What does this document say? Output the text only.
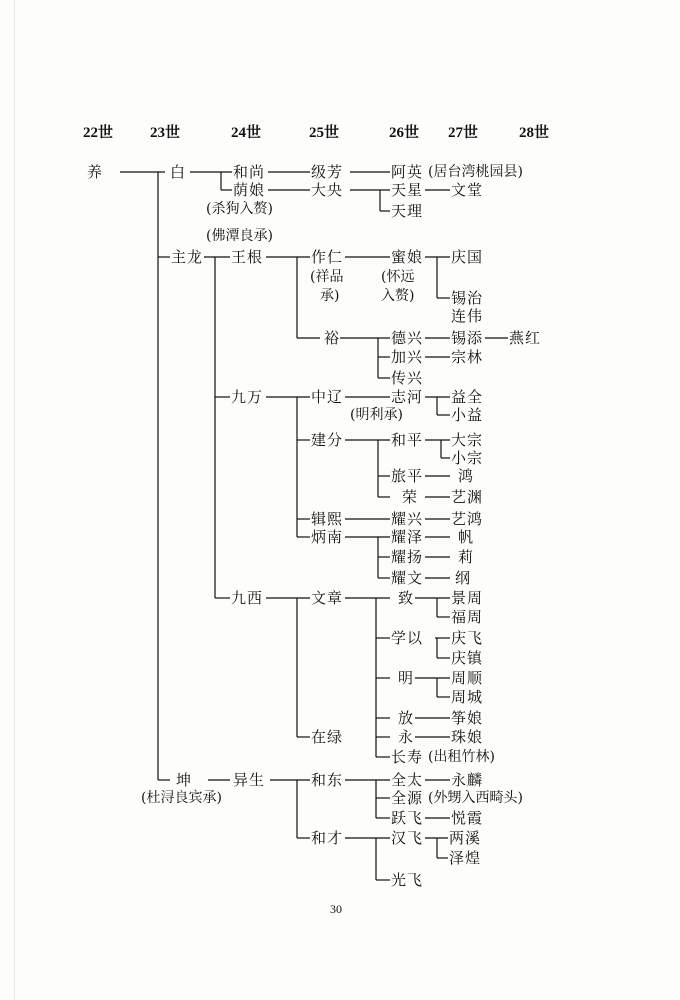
22世 23世	24世	25世	26世 27世	28世
养	白	和尚	级芳	阿英 (居台湾桃园县)
荫娘	大央	天星 文堂
(杀狗入赘)	天理
(佛潭良承)
主龙 王根	作仁	蜜娘 庆国
(祥品
承)
(怀远
入赘) 锡治
连伟
裕	德兴 锡添 燕红
加兴 宗林
传兴
九万	中辽	志河 益全
(明利承)	小益
建分	和平 大宗
小宗
旅平 鸿
荣 艺渊
辑熙	耀兴 艺鸿
炳南	耀泽 帆
耀扬 莉
耀文 纲
九西	文章	致 景周
福周
学以 庆飞
庆镇
明 周顺
周城
放 筝娘
在绿	永 珠娘
长寿 (出租竹林)
坤	异生	和东	全太 永麟
(杜浔良宾承)	全源 (外甥入西畸头)
跃飞 悦霞
和才	汉飞 两溪
泽煌
光飞
30
